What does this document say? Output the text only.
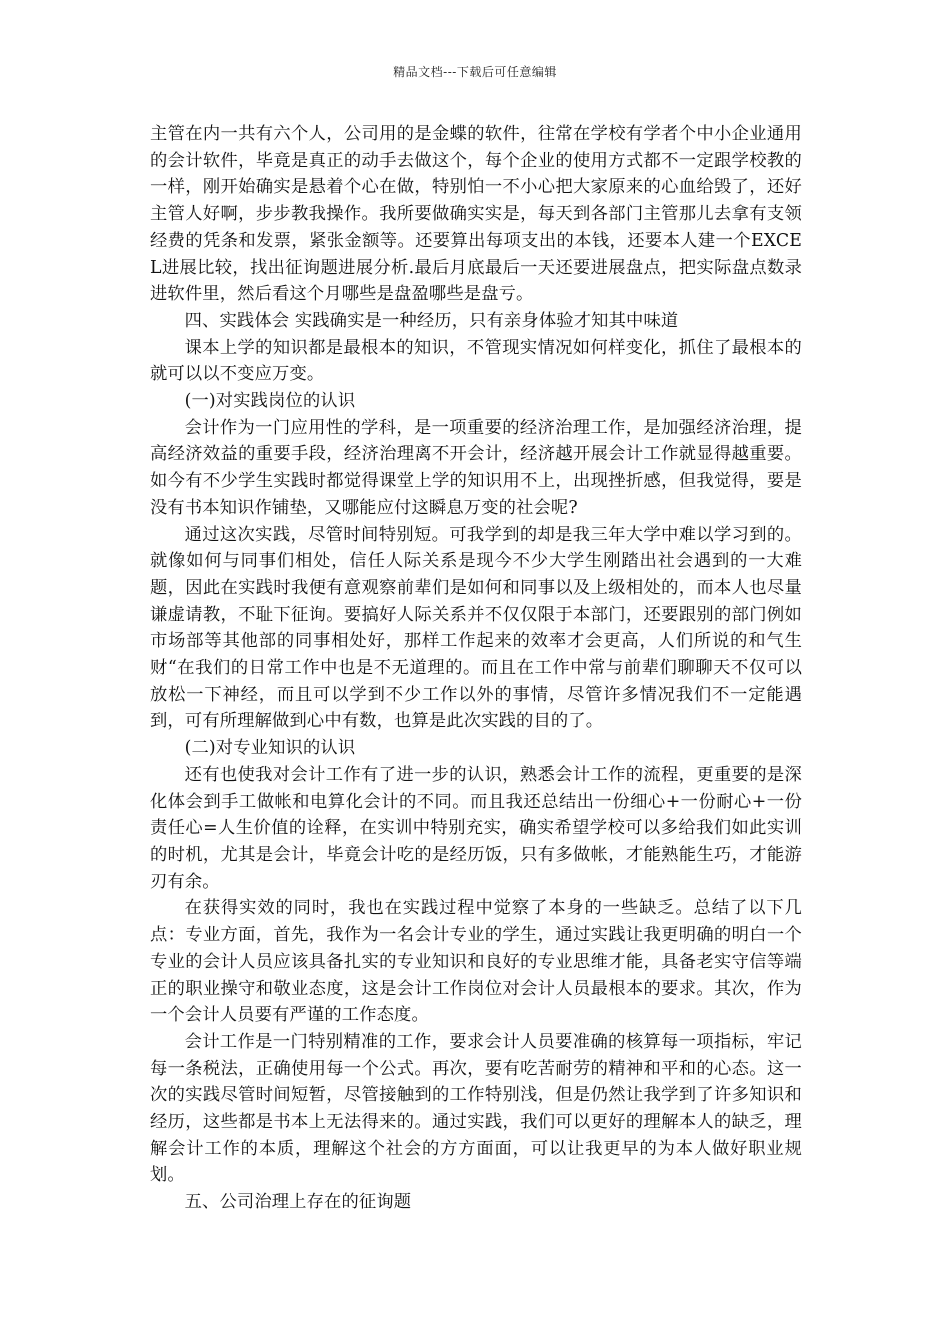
精品文档---下载后可任意编辑

主管在内一共有六个人，公司用的是金蝶的软件，往常在学校有学者个中小企业通用的会计软件，毕竟是真正的动手去做这个，每个企业的使用方式都不一定跟学校教的一样，刚开始确实是悬着个心在做，特别怕一不小心把大家原来的心血给毁了，还好主管人好啊，步步教我操作。我所要做确实实是，每天到各部门主管那儿去拿有支领经费的凭条和发票，紧张金额等。还要算出每项支出的本钱，还要本人建一个EXCEL进展比较，找出征询题进展分析.最后月底最后一天还要进展盘点，把实际盘点数录进软件里，然后看这个月哪些是盘盈哪些是盘亏。

四、实践体会 实践确实是一种经历，只有亲身体验才知其中味道

课本上学的知识都是最根本的知识，不管现实情况如何样变化，抓住了最根本的就可以以不变应万变。

(一)对实践岗位的认识

会计作为一门应用性的学科，是一项重要的经济治理工作，是加强经济治理，提高经济效益的重要手段，经济治理离不开会计，经济越开展会计工作就显得越重要。 如今有不少学生实践时都觉得课堂上学的知识用不上，出现挫折感，但我觉得，要是没有书本知识作铺垫，又哪能应付这瞬息万变的社会呢?

通过这次实践，尽管时间特别短。可我学到的却是我三年大学中难以学习到的。就像如何与同事们相处，信任人际关系是现今不少大学生刚踏出社会遇到的一大难题，因此在实践时我便有意观察前辈们是如何和同事以及上级相处的，而本人也尽量谦虚请教，不耻下征询。要搞好人际关系并不仅仅限于本部门，还要跟别的部门例如市场部等其他部的同事相处好，那样工作起来的效率才会更高，人们所说的和气生财“在我们的日常工作中也是不无道理的。而且在工作中常与前辈们聊聊天不仅可以放松一下神经，而且可以学到不少工作以外的事情，尽管许多情况我们不一定能遇到，可有所理解做到心中有数，也算是此次实践的目的了。

(二)对专业知识的认识

还有也使我对会计工作有了进一步的认识，熟悉会计工作的流程，更重要的是深化体会到手工做帐和电算化会计的不同。而且我还总结出一份细心+一份耐心+一份责任心=人生价值的诠释，在实训中特别充实，确实希望学校可以多给我们如此实训的时机，尤其是会计，毕竟会计吃的是经历饭，只有多做帐，才能熟能生巧，才能游刃有余。

在获得实效的同时，我也在实践过程中觉察了本身的一些缺乏。总结了以下几点：专业方面，首先，我作为一名会计专业的学生，通过实践让我更明确的明白一个专业的会计人员应该具备扎实的专业知识和良好的专业思维才能，具备老实守信等端正的职业操守和敬业态度，这是会计工作岗位对会计人员最根本的要求。其次，作为一个会计人员要有严谨的工作态度。

会计工作是一门特别精准的工作，要求会计人员要准确的核算每一项指标，牢记每一条税法，正确使用每一个公式。再次，要有吃苦耐劳的精神和平和的心态。这一次的实践尽管时间短暂，尽管接触到的工作特别浅，但是仍然让我学到了许多知识和经历，这些都是书本上无法得来的。通过实践，我们可以更好的理解本人的缺乏，理解会计工作的本质，理解这个社会的方方面面，可以让我更早的为本人做好职业规划。

五、公司治理上存在的征询题
